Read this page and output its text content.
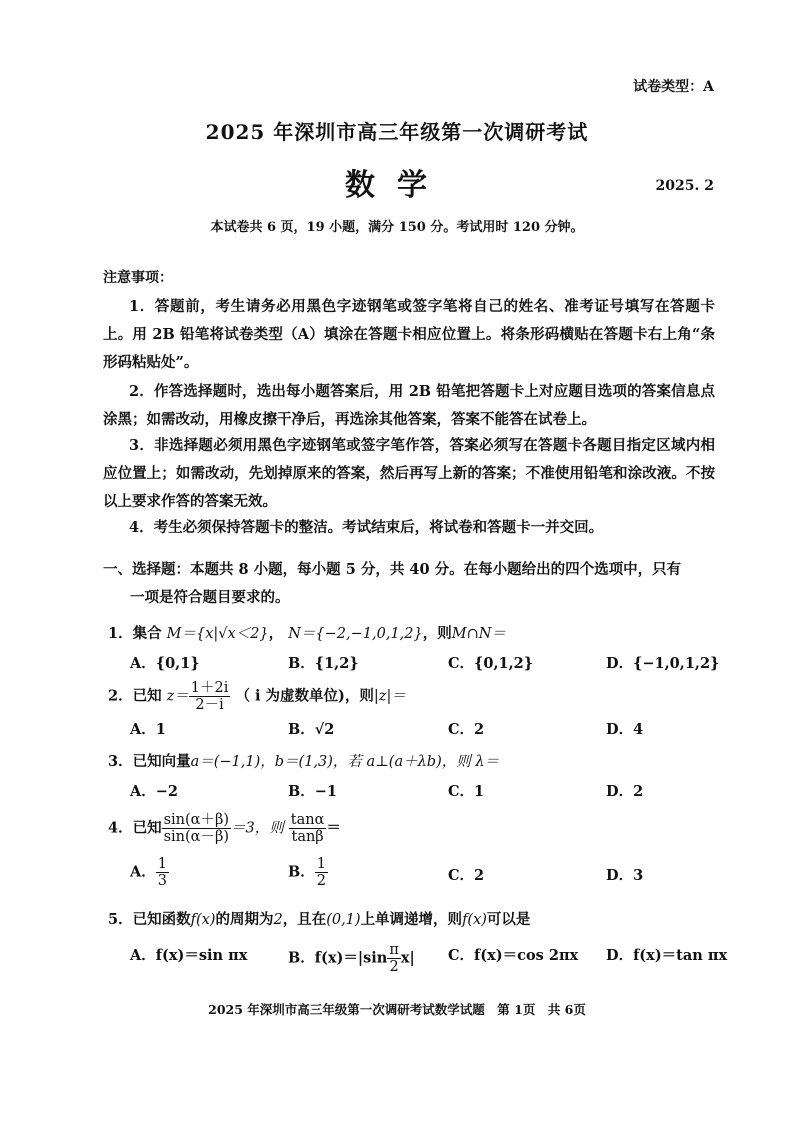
试卷类型：A
2025 年深圳市高三年级第一次调研考试
数学	2025. 2
本试卷共 6 页，19 小题，满分 150 分。考试用时 120 分钟。
注意事项：
1．答题前，考生请务必用黑色字迹钢笔或签字笔将自己的姓名、准考证号填写在答题卡上。用 2B 铅笔将试卷类型（A）填涂在答题卡相应位置上。将条形码横贴在答题卡右上角“条形码粘贴处”。
2．作答选择题时，选出每小题答案后，用 2B 铅笔把答题卡上对应题目选项的答案信息点涂黑；如需改动，用橡皮擦干净后，再选涂其他答案，答案不能答在试卷上。
3．非选择题必须用黑色字迹钢笔或签字笔作答，答案必须写在答题卡各题目指定区域内相应位置上；如需改动，先划掉原来的答案，然后再写上新的答案；不准使用铅笔和涂改液。不按以上要求作答的答案无效。
4．考生必须保持答题卡的整洁。考试结束后，将试卷和答题卡一并交回。
一、选择题：本题共 8 小题，每小题 5 分，共 40 分。在每小题给出的四个选项中，只有
一项是符合题目要求的。
1．集合 M＝{x|√x＜2}， N＝{−2,−1,0,1,2}，则M∩N＝
A．{0,1}	B．{1,2}	C．{0,1,2}	D．{−1,0,1,2}
2．已知 $z= \frac{1+2i}{2-i}$ （ i 为虚数单位)，则|z|＝
A．1	B．√2	C．2	D．4
3．已知向量a＝(−1,1)，b＝(1,3)，若 a⊥(a＋λb)，则 λ＝
A．−2	B．−1	C．1	D．2
4．已知 $\frac{\sin(\alpha+\beta)}{\sin(\alpha-\beta)} =3$，则 $\frac{\tan\alpha}{\tan\beta}$ ＝
A． $\frac{1}{3}$	B． $\frac{1}{2}$	C．2	D．3
5．已知函数f(x)的周期为2，且在(0,1)上单调递增，则f(x)可以是
A．f(x)＝sin πx	B．$f(x)=|\sin \frac{\pi}{2} x|$ C．f(x)＝cos 2πx D．f(x)＝tan πx
2025 年深圳市高三年级第一次调研考试数学试题　第 1页　共 6页
